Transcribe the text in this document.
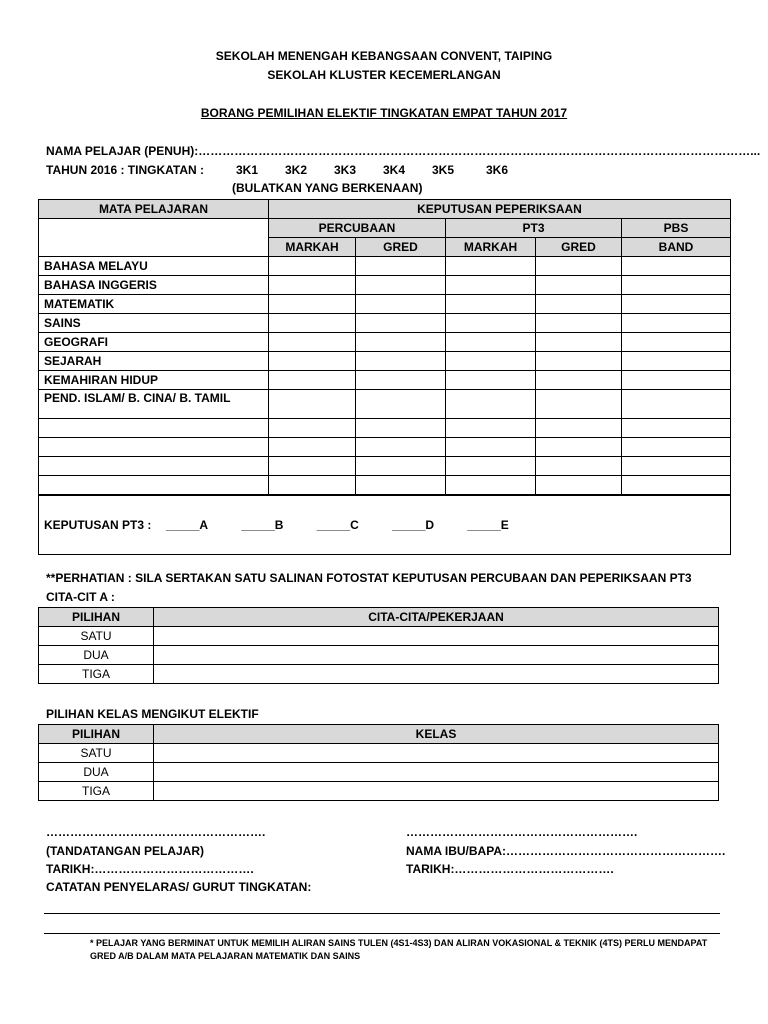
SEKOLAH MENENGAH KEBANGSAAN CONVENT, TAIPING
SEKOLAH KLUSTER KECEMERLANGAN
BORANG PEMILIHAN ELEKTIF TINGKATAN EMPAT TAHUN 2017
NAMA PELAJAR (PENUH):…………………………………………………………………………………………………………………………...
TAHUN 2016 : TINGKATAN :	3K1 3K2 3K3 3K4 3K5	3K6
(BULATKAN YANG BERKENAAN)
MATA PELAJARAN	KEPUTUSAN PEPERIKSAAN				
	PERCUBAAN		PT3		PBS
	MARKAH	GRED	MARKAH	GRED	BAND
BAHASA MELAYU					
BAHASA INGGERIS					
MATEMATIK					
SAINS					
GEOGRAFI					
SEJARAH					
KEMAHIRAN HIDUP					
PEND. ISLAM/ B. CINA/ B. TAMIL					

KEPUTUSAN PT3 : _____A _____B _____C _____D _____E					
**PERHATIAN : SILA SERTAKAN SATU SALINAN FOTOSTAT KEPUTUSAN PERCUBAAN DAN PEPERIKSAAN PT3
CITA-CIT A :
PILIHAN	CITA-CITA/PEKERJAAN
SATU	
DUA	
TIGA	
PILIHAN KELAS MENGIKUT ELEKTIF
PILIHAN	KELAS
SATU	
DUA	
TIGA	
……………………………………………….	………………………………………………….
(TANDATANGAN PELAJAR)	NAMA IBU/BAPA:……………………………………………….
TARIKH:………………………………….	TARIKH:………………………………….
CATATAN PENYELARAS/ GURUT TINGKATAN:
* PELAJAR YANG BERMINAT UNTUK MEMILIH ALIRAN SAINS TULEN (4S1-4S3) DAN ALIRAN VOKASIONAL & TEKNIK (4TS) PERLU MENDAPAT GRED A/B DALAM MATA PELAJARAN MATEMATIK DAN SAINS
